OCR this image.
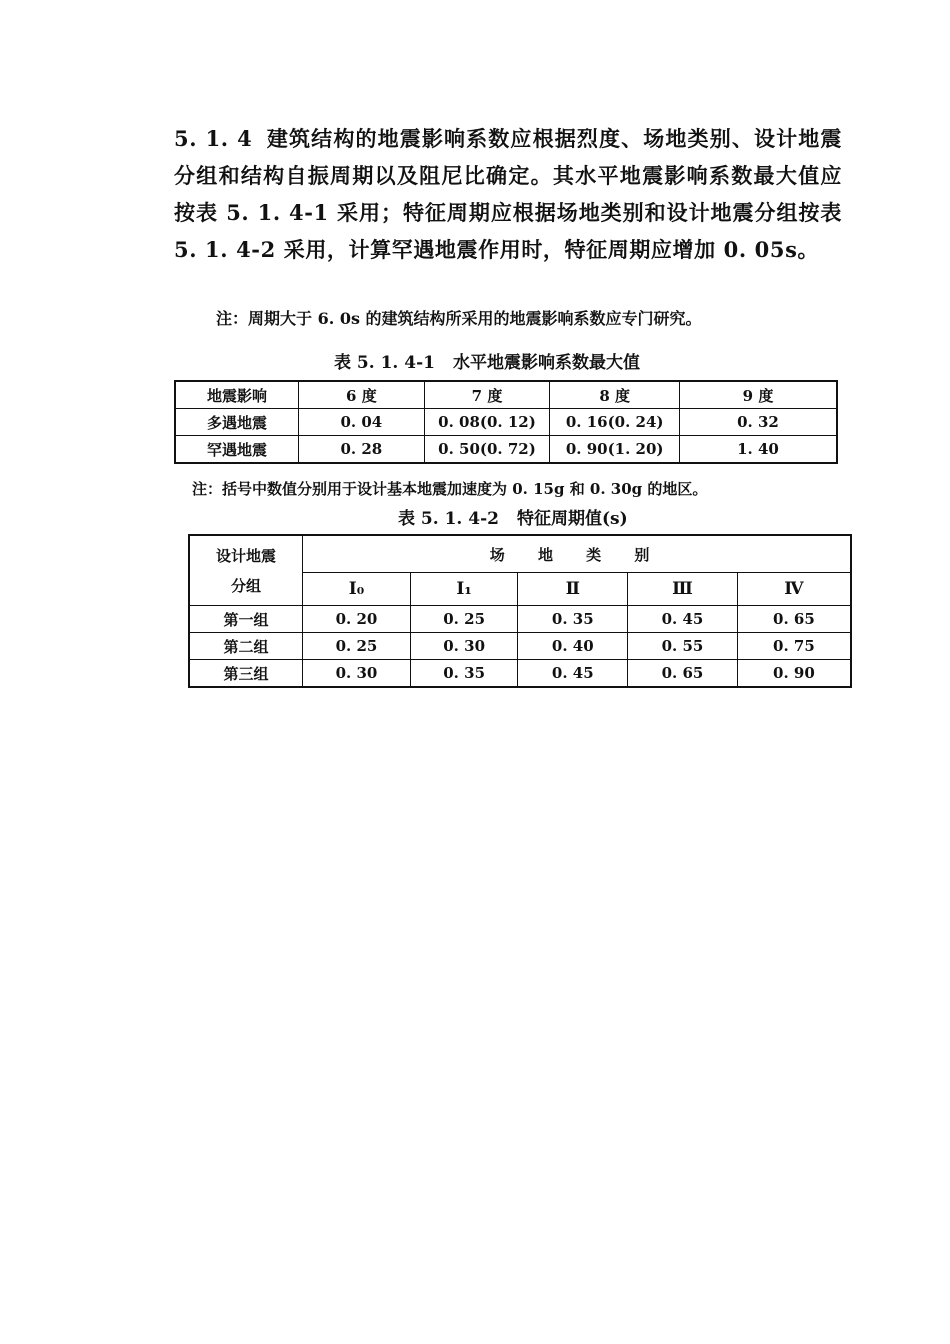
5. 1. 4 建筑结构的地震影响系数应根据烈度、场地类别、设计地震分组和结构自振周期以及阻尼比确定。其水平地震影响系数最大值应按表 5. 1. 4-1 采用；特征周期应根据场地类别和设计地震分组按表 5. 1. 4-2 采用，计算罕遇地震作用时，特征周期应增加 0. 05s。
注：周期大于 6. 0s 的建筑结构所采用的地震影响系数应专门研究。
表 5. 1. 4-1 水平地震影响系数最大值
地震影响	6 度	7 度	8 度	9 度
多遇地震	0. 04	0. 08(0. 12)	0. 16(0. 24)	0. 32
罕遇地震	0. 28	0. 50(0. 72)	0. 90(1. 20)	1. 40
注：括号中数值分别用于设计基本地震加速度为 0. 15g 和 0. 30g 的地区。
表 5. 1. 4-2 特征周期值(s)
设计地震
分组	场 地 类 别				
	Ⅰ₀	Ⅰ₁	Ⅱ	Ⅲ	Ⅳ
第一组	0. 20	0. 25	0. 35	0. 45	0. 65
第二组	0. 25	0. 30	0. 40	0. 55	0. 75
第三组	0. 30	0. 35	0. 45	0. 65	0. 90
